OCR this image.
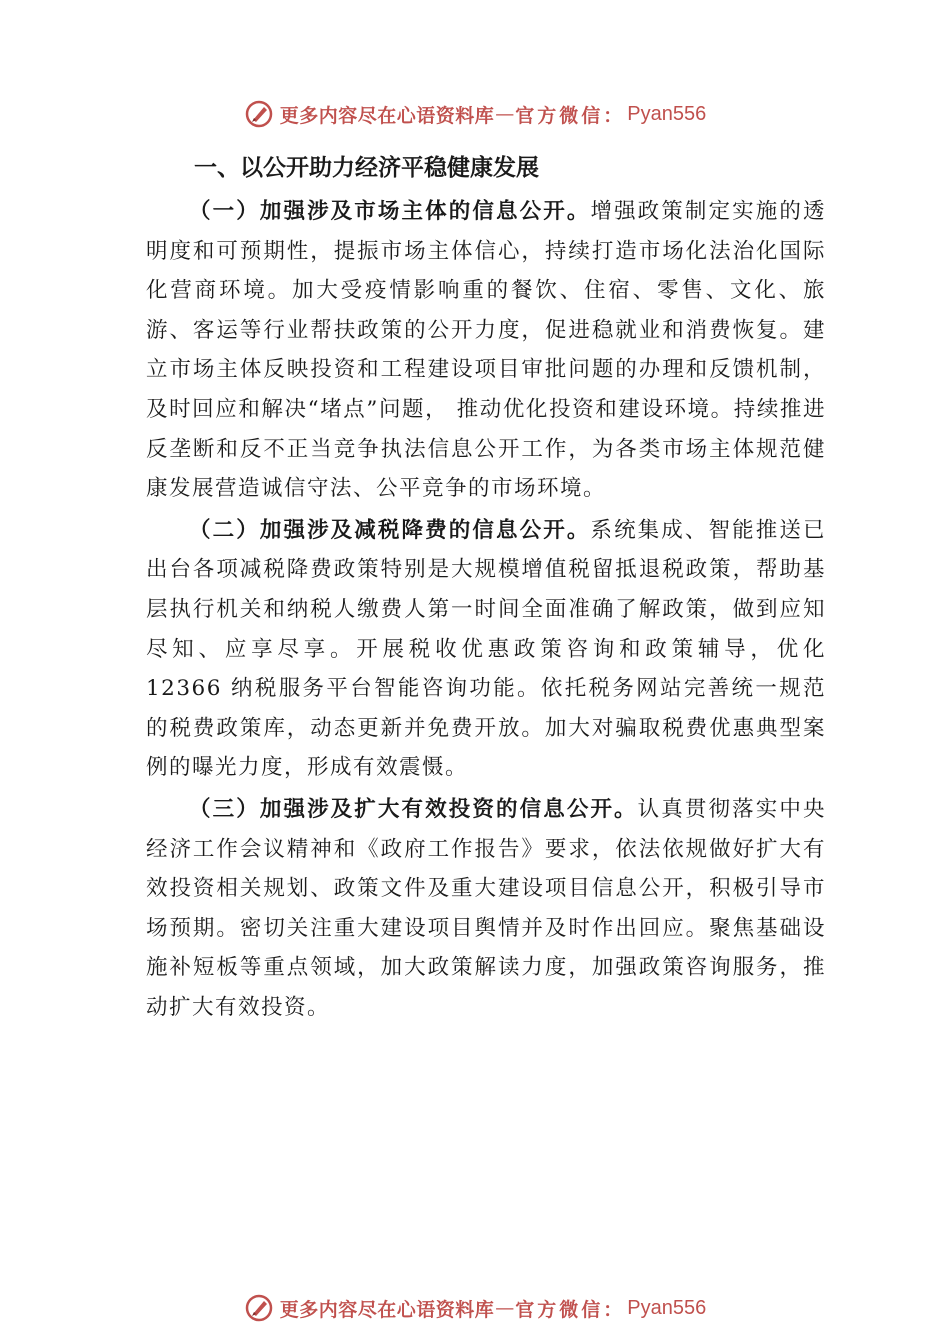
更多内容尽在心语资料库 — 官方微信： Pyan556
一、以公开助力经济平稳健康发展

（一）加强涉及市场主体的信息公开。增强政策制定实施的透明度和可预期性，提振市场主体信心，持续打造市场化法治化国际化营商环境。加大受疫情影响重的餐饮、住宿、零售、文化、旅游、客运等行业帮扶政策的公开力度，促进稳就业和消费恢复。建立市场主体反映投资和工程建设项目审批问题的办理和反馈机制，及时回应和解决“堵点”问题， 推动优化投资和建设环境。持续推进反垄断和反不正当竞争执法信息公开工作，为各类市场主体规范健康发展营造诚信守法、公平竞争的市场环境。

（二）加强涉及减税降费的信息公开。系统集成、智能推送已出台各项减税降费政策特别是大规模增值税留抵退税政策，帮助基层执行机关和纳税人缴费人第一时间全面准确了解政策，做到应知尽知、应享尽享。开展税收优惠政策咨询和政策辅导，优化 12366 纳税服务平台智能咨询功能。依托税务网站完善统一规范的税费政策库，动态更新并免费开放。加大对骗取税费优惠典型案例的曝光力度，形成有效震慑。

（三）加强涉及扩大有效投资的信息公开。认真贯彻落实中央经济工作会议精神和《政府工作报告》要求，依法依规做好扩大有效投资相关规划、政策文件及重大建设项目信息公开，积极引导市场预期。密切关注重大建设项目舆情并及时作出回应。聚焦基础设施补短板等重点领域，加大政策解读力度，加强政策咨询服务，推动扩大有效投资。

更多内容尽在心语资料库 — 官方微信： Pyan556
